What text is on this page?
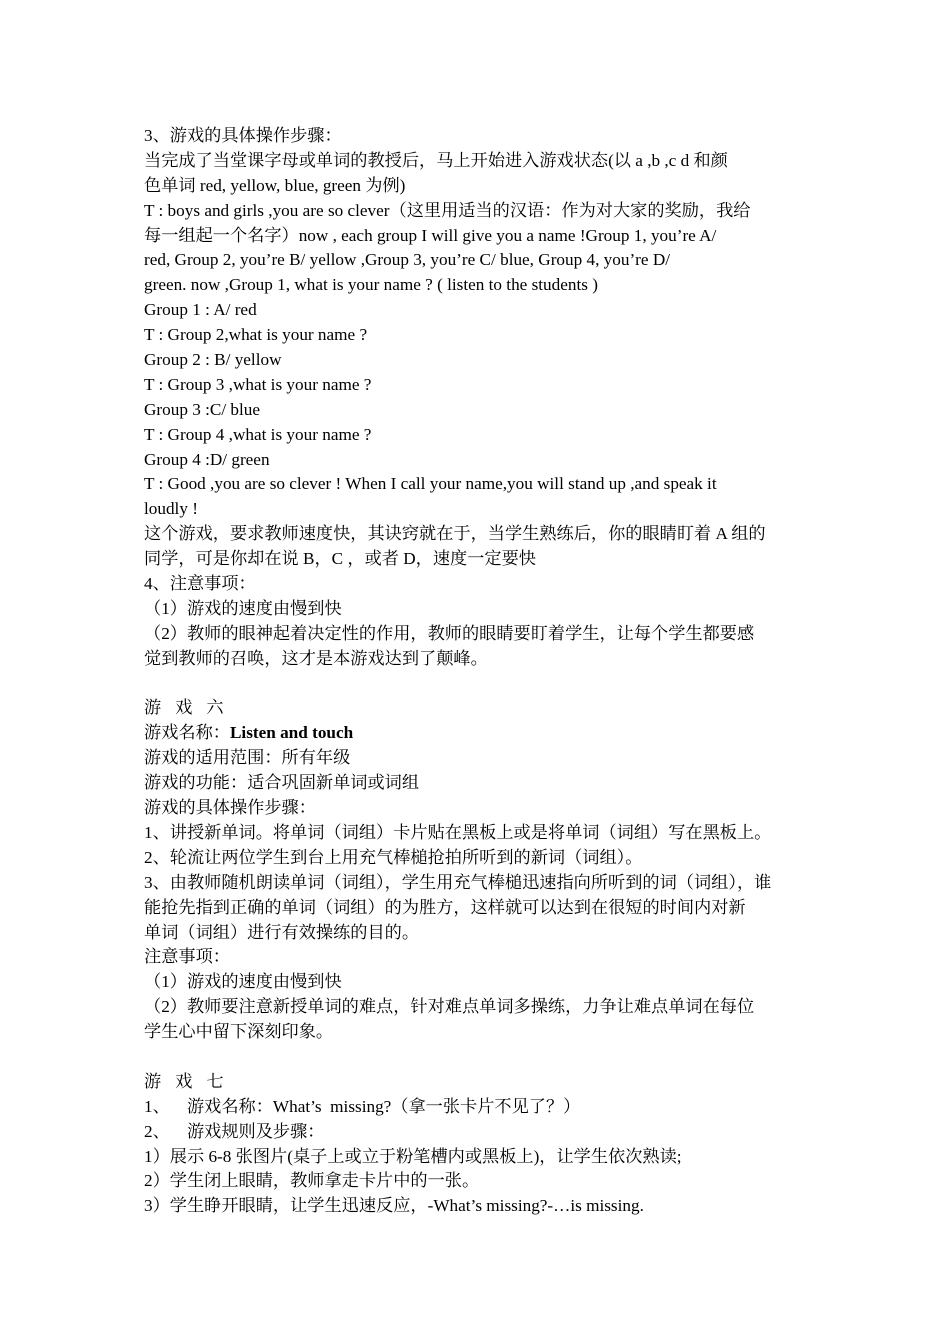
3、游戏的具体操作步骤：
当完成了当堂课字母或单词的教授后，马上开始进入游戏状态(以 a ,b ,c d 和颜
色单词 red, yellow, blue, green 为例)
T : boys and girls ,you are so clever（这里用适当的汉语：作为对大家的奖励，我给
每一组起一个名字）now , each group I will give you a name !Group 1, you’re A/
red, Group 2, you’re B/ yellow ,Group 3, you’re C/ blue, Group 4, you’re D/
green. now ,Group 1, what is your name ? ( listen to the students )
Group 1 : A/ red
T : Group 2,what is your name ?
Group 2 : B/ yellow
T : Group 3 ,what is your name ?
Group 3 :C/ blue
T : Group 4 ,what is your name ?
Group 4 :D/ green
T : Good ,you are so clever ! When I call your name,you will stand up ,and speak it
loudly !
这个游戏，要求教师速度快，其诀窍就在于，当学生熟练后，你的眼睛盯着 A 组的
同学，可是你却在说 B，C ，或者 D，速度一定要快
4、注意事项：
（1）游戏的速度由慢到快
（2）教师的眼神起着决定性的作用，教师的眼睛要盯着学生，让每个学生都要感
觉到教师的召唤，这才是本游戏达到了颠峰。
游戏六
游戏名称：Listen and touch
游戏的适用范围：所有年级
游戏的功能：适合巩固新单词或词组
游戏的具体操作步骤：
1、讲授新单词。将单词（词组）卡片贴在黑板上或是将单词（词组）写在黑板上。
2、轮流让两位学生到台上用充气棒槌抢拍所听到的新词（词组）。
3、由教师随机朗读单词（词组），学生用充气棒槌迅速指向所听到的词（词组），谁
能抢先指到正确的单词（词组）的为胜方，这样就可以达到在很短的时间内对新
单词（词组）进行有效操练的目的。
注意事项：
（1）游戏的速度由慢到快
（2）教师要注意新授单词的难点，针对难点单词多操练，力争让难点单词在每位
学生心中留下深刻印象。
游戏七
1、    游戏名称：What’s  missing?（拿一张卡片不见了？）
2、    游戏规则及步骤：
1）展示 6-8 张图片(桌子上或立于粉笔槽内或黑板上)，让学生依次熟读;
2）学生闭上眼睛，教师拿走卡片中的一张。
3）学生睁开眼睛，让学生迅速反应，-What’s missing?-…is missing.
